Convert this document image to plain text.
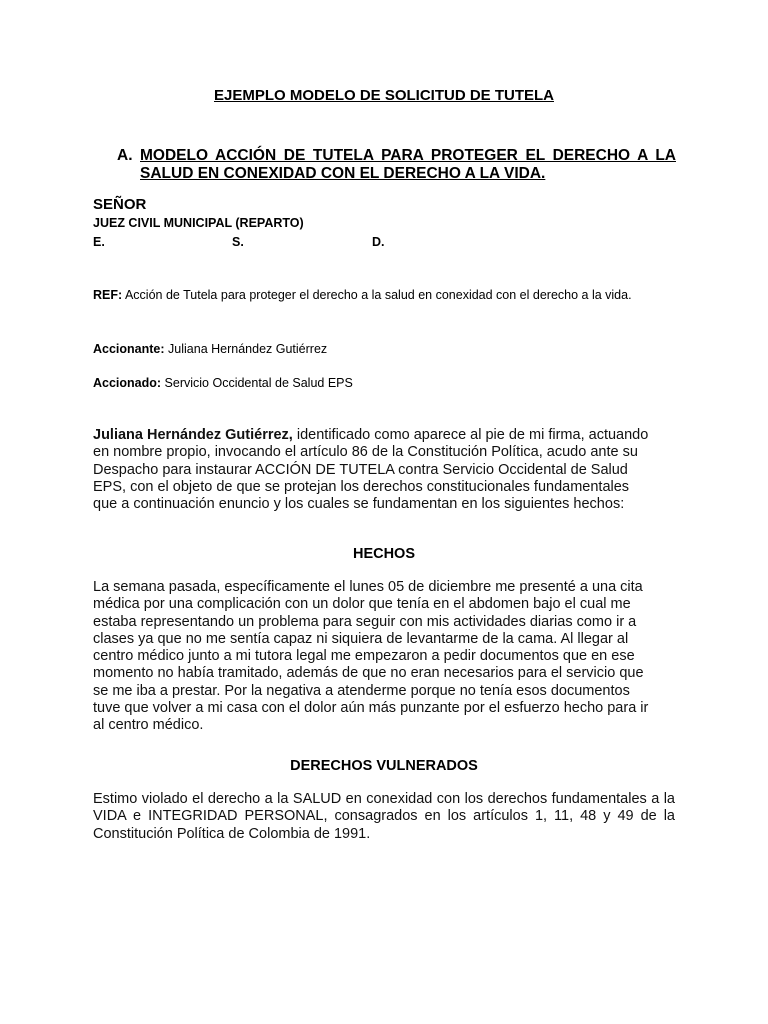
EJEMPLO MODELO DE SOLICITUD DE TUTELA
A. MODELO ACCIÓN DE TUTELA PARA PROTEGER EL DERECHO A LA SALUD EN CONEXIDAD CON EL DERECHO A LA VIDA.
SEÑOR
JUEZ CIVIL MUNICIPAL (REPARTO)
E.	S.	D.
REF: Acción de Tutela para proteger el derecho a la salud en conexidad con el derecho a la vida.
Accionante: Juliana Hernández Gutiérrez
Accionado: Servicio Occidental de Salud EPS
Juliana Hernández Gutiérrez, identificado como aparece al pie de mi firma, actuando en nombre propio, invocando el artículo 86 de la Constitución Política, acudo ante su Despacho para instaurar ACCIÓN DE TUTELA contra Servicio Occidental de Salud EPS, con el objeto de que se protejan los derechos constitucionales fundamentales que a continuación enuncio y los cuales se fundamentan en los siguientes hechos:
HECHOS
La semana pasada, específicamente el lunes 05 de diciembre me presenté a una cita médica por una complicación con un dolor que tenía en el abdomen bajo el cual me estaba representando un problema para seguir con mis actividades diarias como ir a clases ya que no me sentía capaz ni siquiera de levantarme de la cama. Al llegar al centro médico junto a mi tutora legal me empezaron a pedir documentos que en ese momento no había tramitado, además de que no eran necesarios para el servicio que se me iba a prestar. Por la negativa a atenderme porque no tenía esos documentos tuve que volver a mi casa con el dolor aún más punzante por el esfuerzo hecho para ir al centro médico.
DERECHOS VULNERADOS
Estimo violado el derecho a la SALUD en conexidad con los derechos fundamentales a la VIDA e INTEGRIDAD PERSONAL, consagrados en los artículos 1, 11, 48 y 49 de la Constitución Política de Colombia de 1991.
